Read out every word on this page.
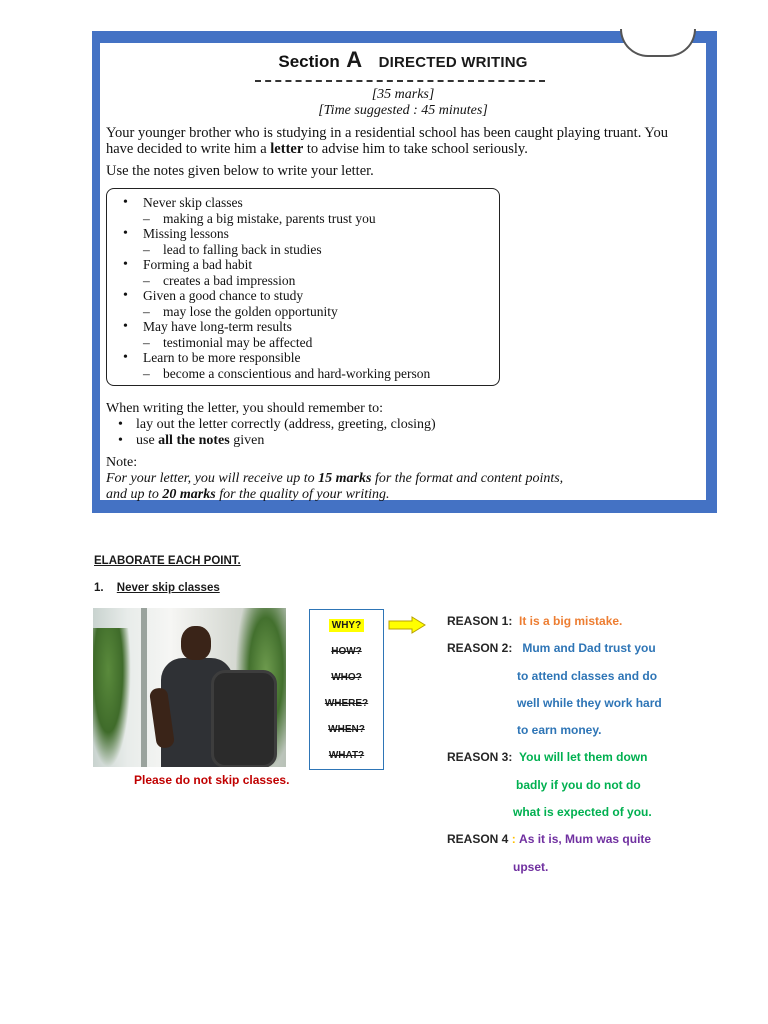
Section A DIRECTED WRITING
[35 marks]
[Time suggested : 45 minutes]
Your younger brother who is studying in a residential school has been caught playing truant. You
have decided to write him a letter to advise him to take school seriously.
Use the notes given below to write your letter.
• Never skip classes
– making a big mistake, parents trust you
• Missing lessons
– lead to falling back in studies
• Forming a bad habit
– creates a bad impression
• Given a good chance to study
– may lose the golden opportunity
• May have long-term results
– testimonial may be affected
• Learn to be more responsible
– become a conscientious and hard-working person
When writing the letter, you should remember to:
• lay out the letter correctly (address, greeting, closing)
• use all the notes given
Note:
For your letter, you will receive up to 15 marks for the format and content points,
and up to 20 marks for the quality of your writing.
ELABORATE EACH POINT.
1. Never skip classes
Please do not skip classes.
WHY?
HOW?
WHO?
WHERE?
WHEN?
WHAT?
REASON 1: It is a big mistake.
REASON 2: Mum and Dad trust you
to attend classes and do
well while they work hard
to earn money.
REASON 3: You will let them down
badly if you do not do
what is expected of you.
REASON 4 : As it is, Mum was quite
upset.
